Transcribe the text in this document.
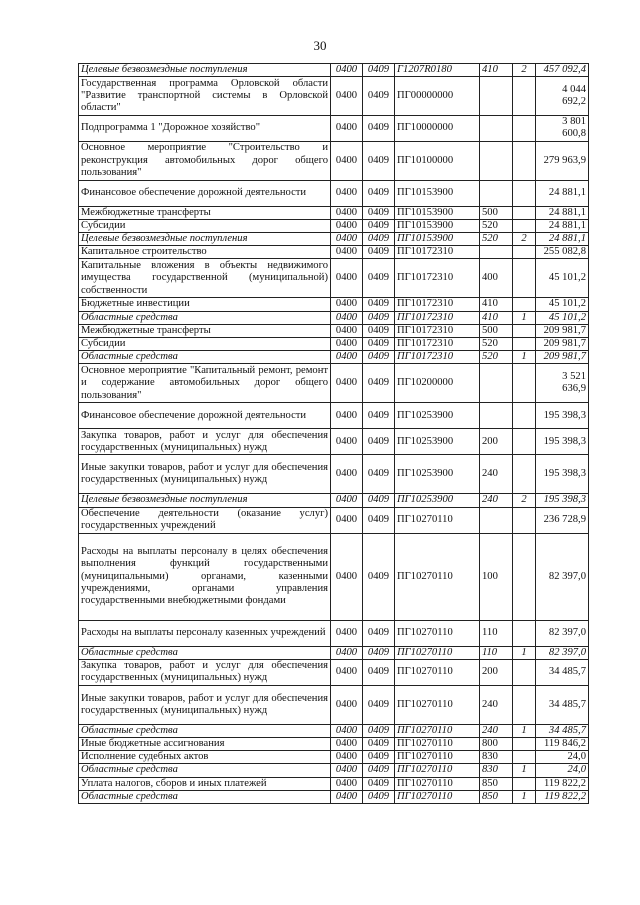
30
Целевые безвозмездные поступления	0400	0409	Г1207R0180	410	2	457 092,4
Государственная программа Орловской области "Развитие транспортной системы в Орловской области"	0400	0409	ПГ00000000			4 044 692,2
Подпрограмма 1 "Дорожное хозяйство"	0400	0409	ПГ10000000			3 801 600,8
Основное мероприятие "Строительство и реконструкция автомобильных дорог общего пользования"	0400	0409	ПГ10100000			279 963,9
Финансовое обеспечение дорожной деятельности	0400	0409	ПГ10153900			24 881,1
Межбюджетные трансферты	0400	0409	ПГ10153900	500		24 881,1
Субсидии	0400	0409	ПГ10153900	520		24 881,1
Целевые безвозмездные поступления	0400	0409	ПГ10153900	520	2	24 881,1
Капитальное строительство	0400	0409	ПГ10172310			255 082,8
Капитальные вложения в объекты недвижимого имущества государственной (муниципальной) собственности	0400	0409	ПГ10172310	400		45 101,2
Бюджетные инвестиции	0400	0409	ПГ10172310	410		45 101,2
Областные средства	0400	0409	ПГ10172310	410	1	45 101,2
Межбюджетные трансферты	0400	0409	ПГ10172310	500		209 981,7
Субсидии	0400	0409	ПГ10172310	520		209 981,7
Областные средства	0400	0409	ПГ10172310	520	1	209 981,7
Основное мероприятие "Капитальный ремонт, ремонт и содержание автомобильных дорог общего пользования"	0400	0409	ПГ10200000			3 521 636,9
Финансовое обеспечение дорожной деятельности	0400	0409	ПГ10253900			195 398,3
Закупка товаров, работ и услуг для обеспечения государственных (муниципальных) нужд	0400	0409	ПГ10253900	200		195 398,3
Иные закупки товаров, работ и услуг для обеспечения государственных (муниципальных) нужд	0400	0409	ПГ10253900	240		195 398,3
Целевые безвозмездные поступления	0400	0409	ПГ10253900	240	2	195 398,3
Обеспечение деятельности (оказание услуг) государственных учреждений	0400	0409	ПГ10270110			236 728,9
Расходы на выплаты персоналу в целях обеспечения выполнения функций государственными (муниципальными) органами, казенными учреждениями, органами управления государственными внебюджетными фондами	0400	0409	ПГ10270110	100		82 397,0
Расходы на выплаты персоналу казенных учреждений	0400	0409	ПГ10270110	110		82 397,0
Областные средства	0400	0409	ПГ10270110	110	1	82 397,0
Закупка товаров, работ и услуг для обеспечения государственных (муниципальных) нужд	0400	0409	ПГ10270110	200		34 485,7
Иные закупки товаров, работ и услуг для обеспечения государственных (муниципальных) нужд	0400	0409	ПГ10270110	240		34 485,7
Областные средства	0400	0409	ПГ10270110	240	1	34 485,7
Иные бюджетные ассигнования	0400	0409	ПГ10270110	800		119 846,2
Исполнение судебных актов	0400	0409	ПГ10270110	830		24,0
Областные средства	0400	0409	ПГ10270110	830	1	24,0
Уплата налогов, сборов и иных платежей	0400	0409	ПГ10270110	850		119 822,2
Областные средства	0400	0409	ПГ10270110	850	1	119 822,2
